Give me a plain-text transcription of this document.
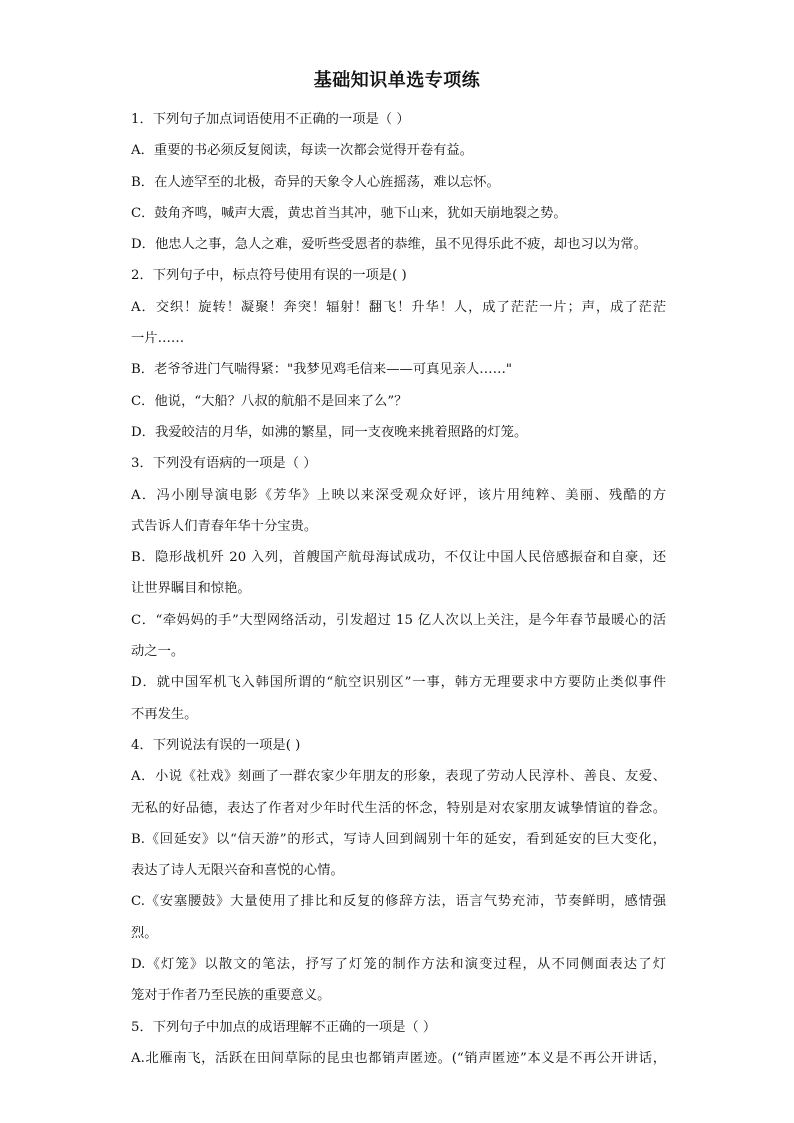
基础知识单选专项练
1．下列句子加点词语使用不正确的一项是（ ）
A．重要的书必须反复阅读，每读一次都会觉得开卷有益。
B．在人迹罕至的北极，奇异的天象令人心旌摇荡，难以忘怀。
C．鼓角齐鸣，喊声大震，黄忠首当其冲，驰下山来，犹如天崩地裂之势。
D．他忠人之事，急人之难，爱听些受恩者的恭维，虽不见得乐此不疲，却也习以为常。
2．下列句子中，标点符号使用有误的一项是( )
A．交织！旋转！凝聚！奔突！辐射！翻飞！升华！人，成了茫茫一片；声，成了茫茫
一片……
B．老爷爷进门气喘得紧："我梦见鸡毛信来——可真见亲人……"
C．他说，“大船？八叔的航船不是回来了么”？
D．我爱皎洁的月华，如沸的繁星，同一支夜晚来挑着照路的灯笼。
3．下列没有语病的一项是（ ）
A．冯小刚导演电影《芳华》上映以来深受观众好评，该片用纯粹、美丽、残酷的方
式告诉人们青春年华十分宝贵。
B．隐形战机歼 20 入列，首艘国产航母海试成功，不仅让中国人民倍感振奋和自豪，还
让世界瞩目和惊艳。
C．“牵妈妈的手”大型网络活动，引发超过 15 亿人次以上关注，是今年春节最暖心的活
动之一。
D．就中国军机飞入韩国所谓的“航空识别区”一事，韩方无理要求中方要防止类似事件
不再发生。
4．下列说法有误的一项是( )
A．小说《社戏》刻画了一群农家少年朋友的形象，表现了劳动人民淳朴、善良、友爱、
无私的好品德，表达了作者对少年时代生活的怀念，特别是对农家朋友诚挚情谊的眷念。
B.《回延安》以“信天游”的形式，写诗人回到阔别十年的延安，看到延安的巨大变化，
表达了诗人无限兴奋和喜悦的心情。
C.《安塞腰鼓》大量使用了排比和反复的修辞方法，语言气势充沛，节奏鲜明，感情强
烈。
D.《灯笼》以散文的笔法，抒写了灯笼的制作方法和演变过程，从不同侧面表达了灯
笼对于作者乃至民族的重要意义。
5．下列句子中加点的成语理解不正确的一项是（ ）
A.北雁南飞，活跃在田间草际的昆虫也都销声匿迹。(“销声匿迹”本义是不再公开讲话，
